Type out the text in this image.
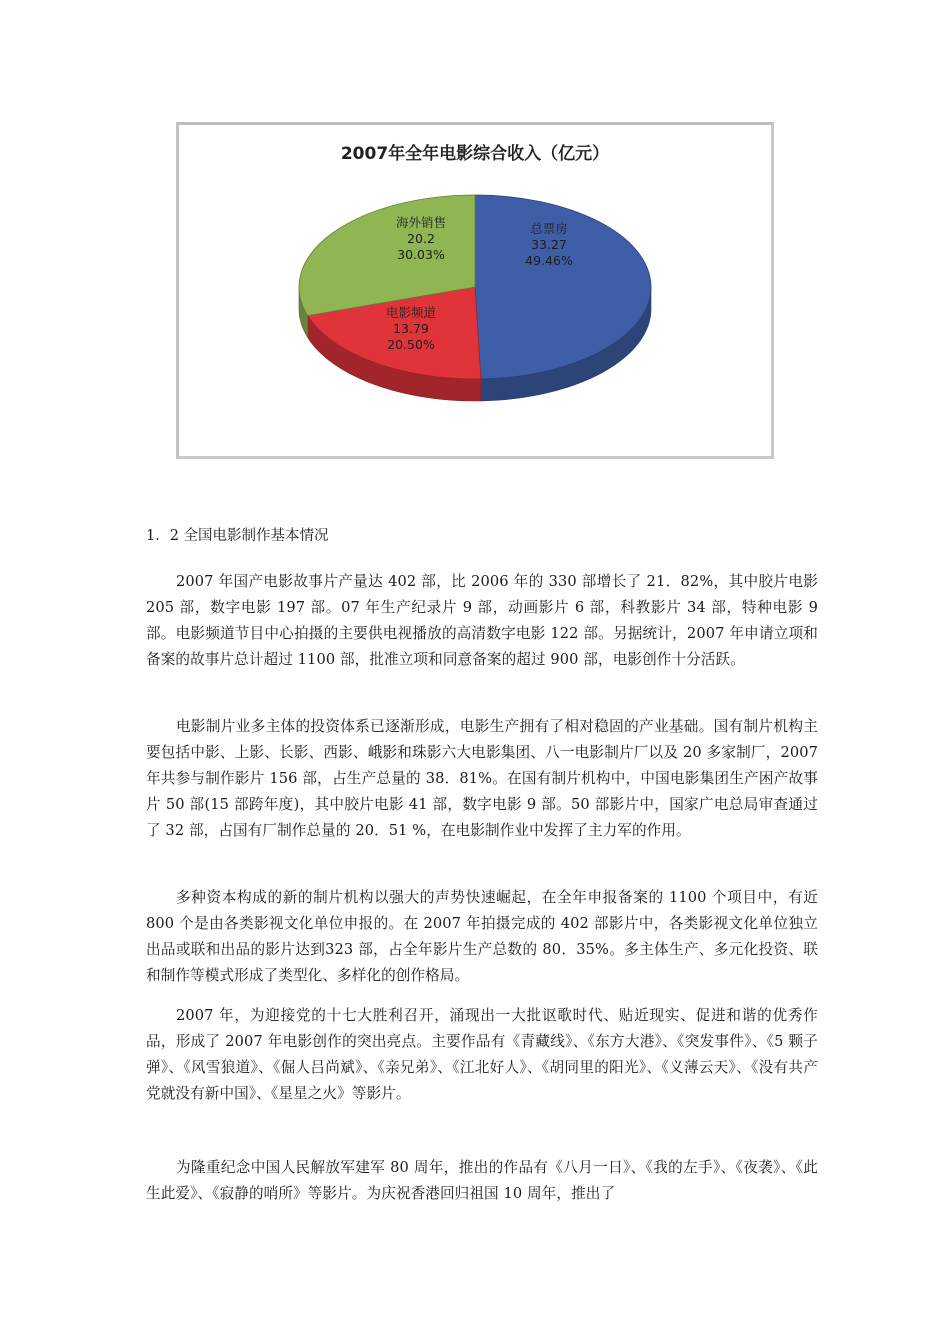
2007年全年电影综合收入（亿元）
总票房
33.27
49.46%
电影频道
13.79
20.50%
海外销售
20.2
30.03%
1．2 全国电影制作基本情况

2007 年国产电影故事片产量达 402 部，比 2006 年的 330 部增长了 21．82%，其中胶片电影 205 部，数字电影 197 部。07 年生产纪录片 9 部，动画影片 6 部，科教影片 34 部，特种电影 9 部。电影频道节目中心拍摄的主要供电视播放的高清数字电影 122 部。另据统计，2007 年申请立项和备案的故事片总计超过 1100 部，批准立项和同意备案的超过 900 部，电影创作十分活跃。

电影制片业多主体的投资体系已逐渐形成，电影生产拥有了相对稳固的产业基础。国有制片机构主要包括中影、上影、长影、西影、峨影和珠影六大电影集团、八一电影制片厂以及 20 多家制厂，2007 年共参与制作影片 156 部，占生产总量的 38．81%。在国有制片机构中，中国电影集团生产困产故事片 50 部(15 部跨年度)，其中胶片电影 41 部，数字电影 9 部。50 部影片中，国家广电总局审查通过了 32 部，占国有厂制作总量的 20．51 %，在电影制作业中发挥了主力军的作用。

多种资本构成的新的制片机构以强大的声势快速崛起，在全年申报备案的 1100 个项目中，有近 800 个是由各类影视文化单位申报的。在 2007 年拍摄完成的 402 部影片中，各类影视文化单位独立出品或联和出品的影片达到323 部，占全年影片生产总数的 80．35%。多主体生产、多元化投资、联和制作等模式形成了类型化、多样化的创作格局。

2007 年，为迎接党的十七大胜利召开，涌现出一大批讴歌时代、贴近现实、促进和谐的优秀作品，形成了 2007 年电影创作的突出亮点。主要作品有《青藏线》、《东方大港》、《突发事件》、《5 颗子弹》、《风雪狼道》、《倔人吕尚斌》、《亲兄弟》、《江北好人》、《胡同里的阳光》、《义薄云天》、《没有共产党就没有新中国》、《星星之火》等影片。

为隆重纪念中国人民解放军建军 80 周年，推出的作品有《八月一日》、《我的左手》、《夜袭》、《此生此爱》、《寂静的哨所》等影片。为庆祝香港回归祖国 10 周年，推出了
